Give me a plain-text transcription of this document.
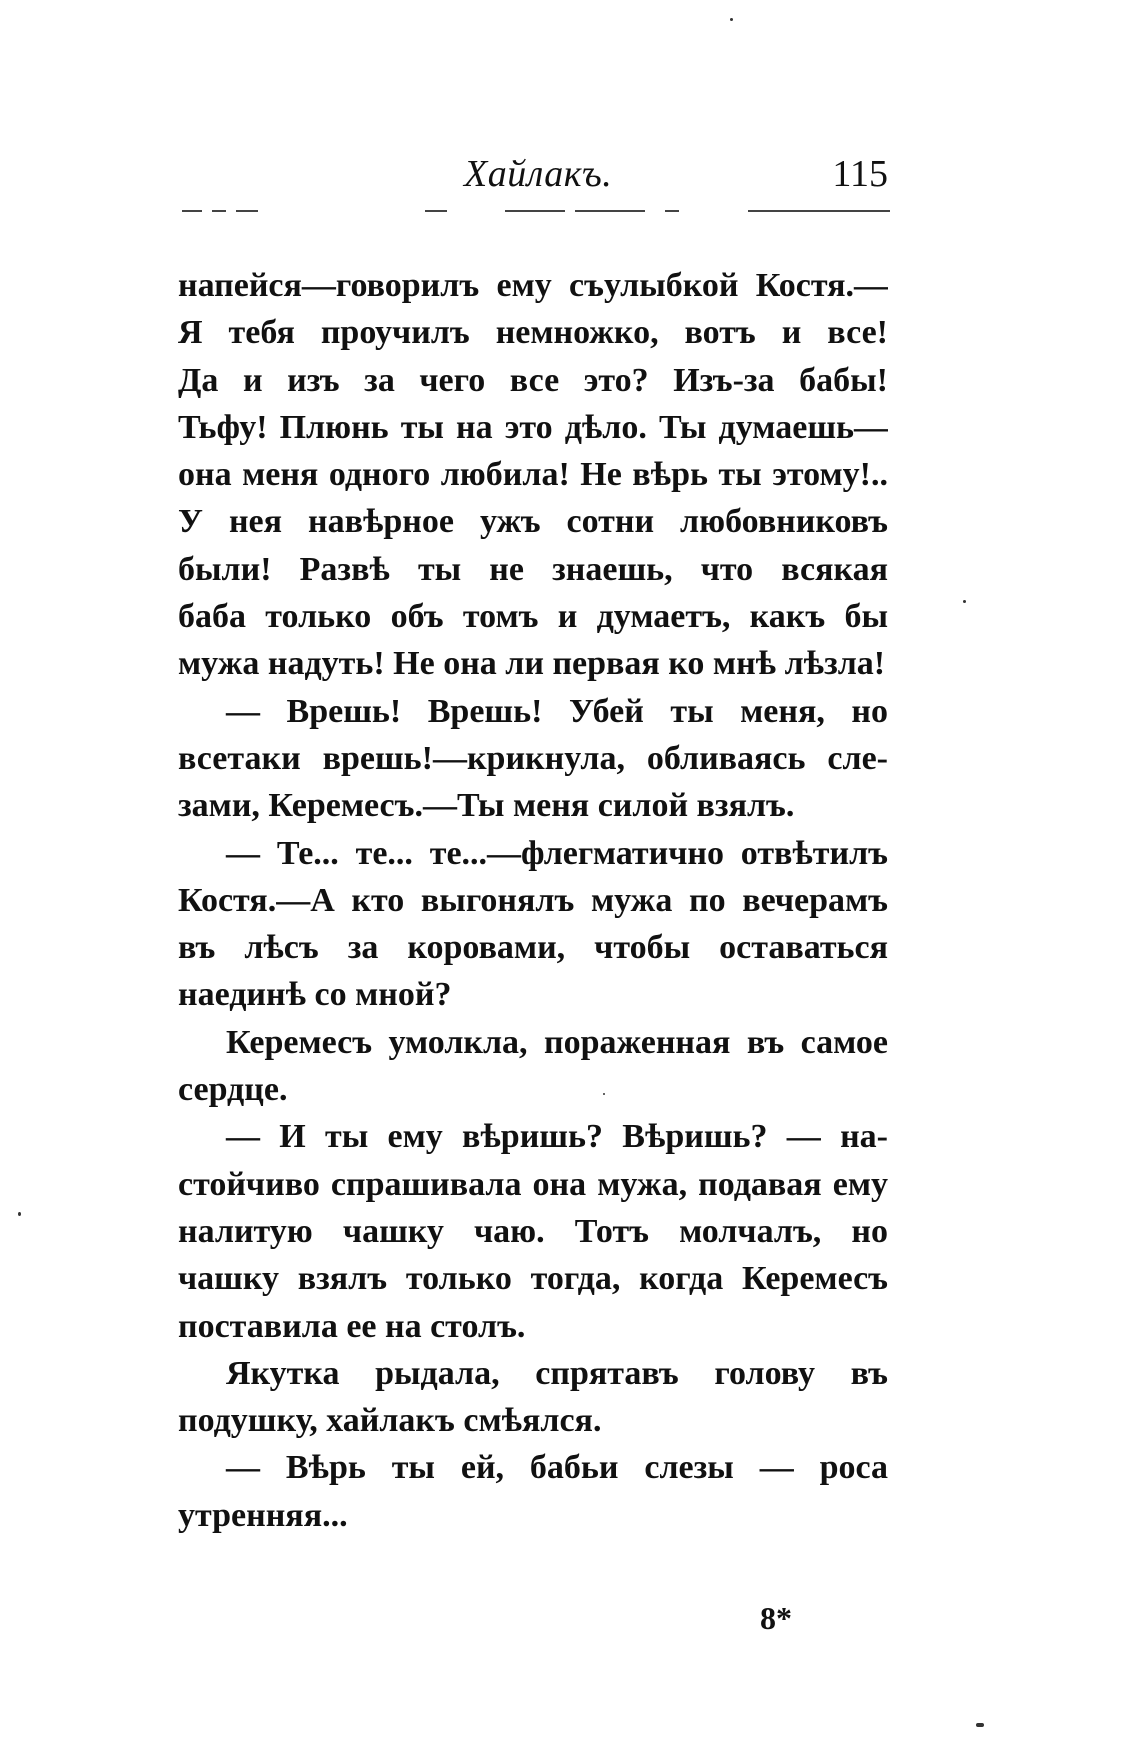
Хайлакъ.	115
напейся—говорилъ ему съулыбкой Костя.—
Я тебя проучилъ немножко, вотъ и все!
Да и изъ за чего все это? Изъ-за бабы!
Тьфу! Плюнь ты на это дѣло. Ты думаешь—
она меня одного любила! Не вѣрь ты этому!..
У нея навѣрное ужъ сотни любовниковъ
были! Развѣ ты не знаешь, что всякая
баба только объ томъ и думаетъ, какъ бы
мужа надуть! Не она ли первая ко мнѣ лѣзла!
— Врешь! Врешь! Убей ты меня, но
всетаки врешь!—крикнула, обливаясь сле-
зами, Керемесъ.—Ты меня силой взялъ.
— Те... те... те...—флегматично отвѣтилъ
Костя.—А кто выгонялъ мужа по вечерамъ
въ лѣсъ за коровами, чтобы оставаться
наединѣ со мной?
Керемесъ умолкла, пораженная въ самое
сердце.
— И ты ему вѣришь? Вѣришь? — на-
стойчиво спрашивала она мужа, подавая ему
налитую чашку чаю. Тотъ молчалъ, но
чашку взялъ только тогда, когда Керемесъ
поставила ее на столъ.
Якутка рыдала, спрятавъ голову въ
подушку, хайлакъ смѣялся.
— Вѣрь ты ей, бабьи слезы — роса
утренняя...
8*
